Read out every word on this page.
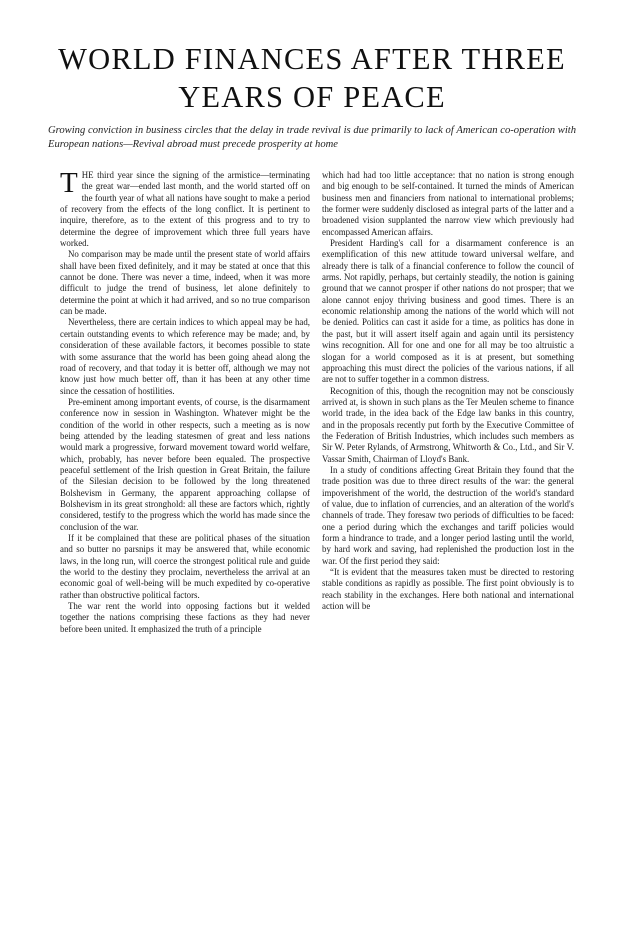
WORLD FINANCES AFTER THREE YEARS OF PEACE

Growing conviction in business circles that the delay in trade revival is due primarily to lack of American co-operation with European nations—Revival abroad must precede prosperity at home

THE third year since the signing of the armistice—terminating the great war—ended last month, and the world started off on the fourth year of what all nations have sought to make a period of recovery from the effects of the long conflict. It is pertinent to inquire, therefore, as to the extent of this progress and to try to determine the degree of improvement which three full years have worked.

No comparison may be made until the present state of world affairs shall have been fixed definitely, and it may be stated at once that this cannot be done. There was never a time, indeed, when it was more difficult to judge the trend of business, let alone definitely to determine the point at which it had arrived, and so no true comparison can be made.

Nevertheless, there are certain indices to which appeal may be had, certain outstanding events to which reference may be made; and, by consideration of these available factors, it becomes possible to state with some assurance that the world has been going ahead along the road of recovery, and that today it is better off, although we may not know just how much better off, than it has been at any other time since the cessation of hostilities.

Pre-eminent among important events, of course, is the disarmament conference now in session in Washington. Whatever might be the condition of the world in other respects, such a meeting as is now being attended by the leading statesmen of great and less nations would mark a progressive, forward movement toward world welfare, which, probably, has never before been equaled. The prospective peaceful settlement of the Irish question in Great Britain, the failure of the Silesian decision to be followed by the long threatened Bolshevism in Germany, the apparent approaching collapse of Bolshevism in its great stronghold: all these are factors which, rightly considered, testify to the progress which the world has made since the conclusion of the war.

If it be complained that these are political phases of the situation and so butter no parsnips it may be answered that, while economic laws, in the long run, will coerce the strongest political rule and guide the world to the destiny they proclaim, nevertheless the arrival at an economic goal of well-being will be much expedited by co-operative rather than obstructive political factors.

The war rent the world into opposing factions but it welded together the nations comprising these factions as they had never before been united. It emphasized the truth of a principle

which had had too little acceptance: that no nation is strong enough and big enough to be self-contained. It turned the minds of American business men and financiers from national to international problems; the former were suddenly disclosed as integral parts of the latter and a broadened vision supplanted the narrow view which previously had encompassed American affairs.

President Harding's call for a disarmament conference is an exemplification of this new attitude toward universal welfare, and already there is talk of a financial conference to follow the council of arms. Not rapidly, perhaps, but certainly steadily, the notion is gaining ground that we cannot prosper if other nations do not prosper; that we alone cannot enjoy thriving business and good times. There is an economic relationship among the nations of the world which will not be denied. Politics can cast it aside for a time, as politics has done in the past, but it will assert itself again and again until its persistency wins recognition. All for one and one for all may be too altruistic a slogan for a world composed as it is at present, but something approaching this must direct the policies of the various nations, if all are not to suffer together in a common distress.

Recognition of this, though the recognition may not be consciously arrived at, is shown in such plans as the Ter Meulen scheme to finance world trade, in the idea back of the Edge law banks in this country, and in the proposals recently put forth by the Executive Committee of the Federation of British Industries, which includes such members as Sir W. Peter Rylands, of Armstrong, Whitworth & Co., Ltd., and Sir V. Vassar Smith, Chairman of Lloyd's Bank.

In a study of conditions affecting Great Britain they found that the trade position was due to three direct results of the war: the general impoverishment of the world, the destruction of the world's standard of value, due to inflation of currencies, and an alteration of the world's channels of trade. They foresaw two periods of difficulties to be faced: one a period during which the exchanges and tariff policies would form a hindrance to trade, and a longer period lasting until the world, by hard work and saving, had replenished the production lost in the war. Of the first period they said:

“It is evident that the measures taken must be directed to restoring stable conditions as rapidly as possible. The first point obviously is to reach stability in the exchanges. Here both national and international action will be
